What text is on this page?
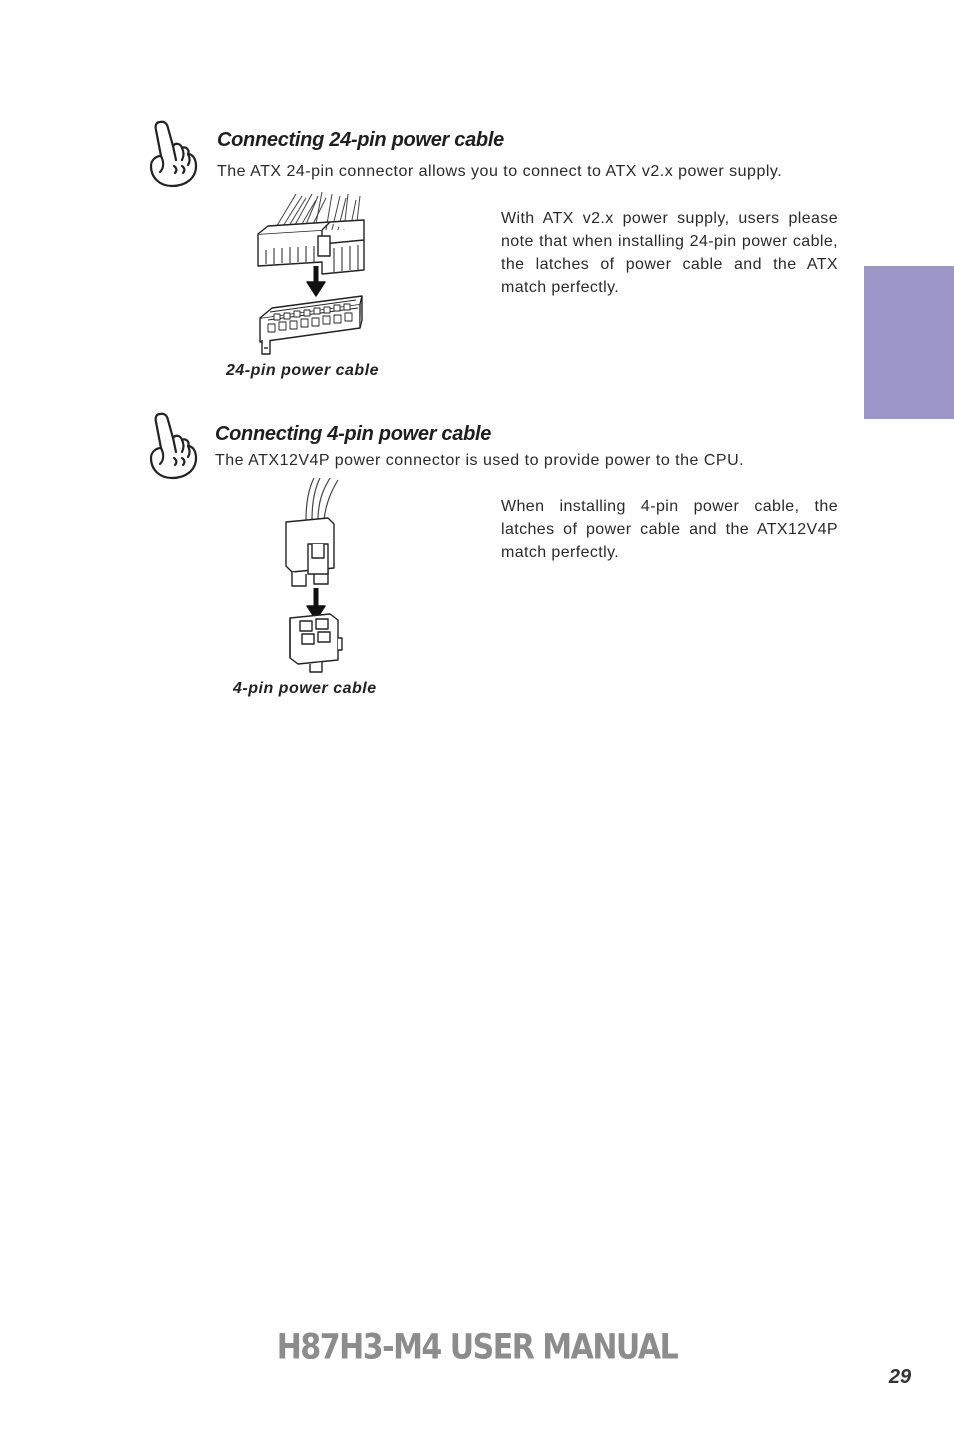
Connecting 24-pin power cable
The ATX 24-pin connector allows you to connect to ATX v2.x power supply.
With ATX v2.x power supply, users please note that when installing 24-pin power cable, the latches of power cable and the ATX match perfectly.
24-pin power cable
Connecting 4-pin power cable
The ATX12V4P power connector is used to provide power to the CPU.
When installing 4-pin power cable, the latches of power cable and the ATX12V4P match perfectly.
4-pin power cable
H87H3-M4 USER MANUAL
29
